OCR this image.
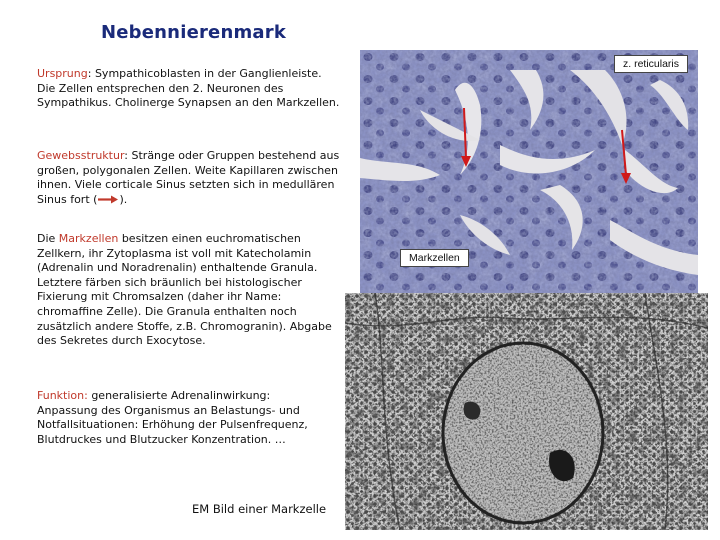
Nebennierenmark
Ursprung: Sympathicoblasten in der Ganglienleiste. Die Zellen entsprechen den 2. Neuronen des Sympathikus. Cholinerge Synapsen an den Markzellen.
Gewebsstruktur: Stränge oder Gruppen bestehend aus großen, polygonalen Zellen. Weite Kapillaren zwischen ihnen. Viele corticale Sinus setzten sich in medullären Sinus fort ( ).
Die Markzellen besitzen einen euchromatischen Zellkern, ihr Zytoplasma ist voll mit Katecholamin (Adrenalin und Noradrenalin) enthaltende Granula. Letztere färben sich bräunlich bei histologischer Fixierung mit Chromsalzen (daher ihr Name: chromaffine Zelle). Die Granula enthalten noch zusätzlich andere Stoffe, z.B. Chromogranin). Abgabe des Sekretes durch Exocytose.
Funktion: generalisierte Adrenalinwirkung:
Anpassung des Organismus an Belastungs- und Notfallsituationen: Erhöhung der Pulsenfrequenz, Blutdruckes und Blutzucker Konzentration. …
EM Bild einer Markzelle
z. reticularis
Markzellen
